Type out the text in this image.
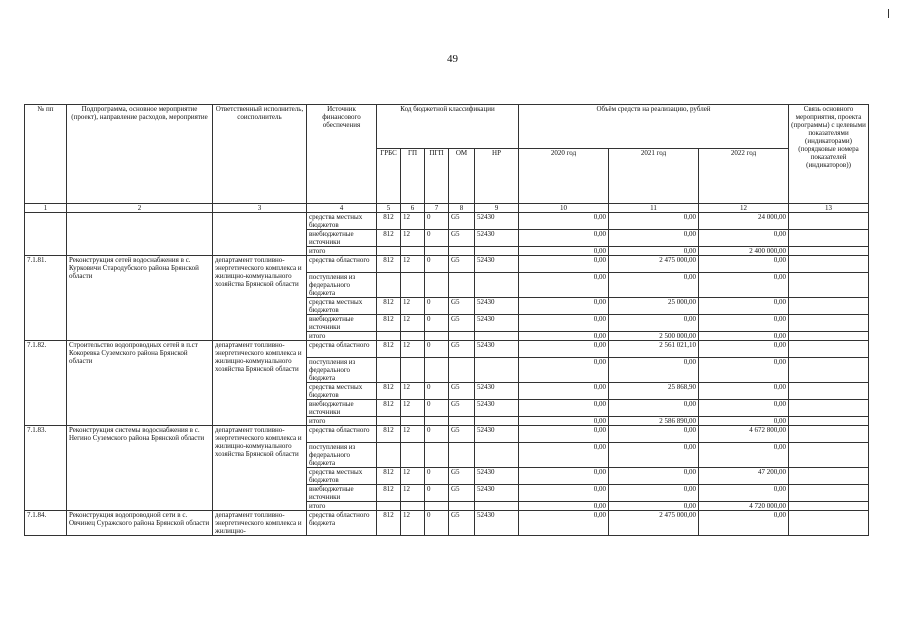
49
№ пп	Подпрограмма, основное мероприятие (проект), направление расходов, мероприятие	Ответственный исполнитель, соисполнитель	Источник финансового обеспечения	Код бюджетной классификации					Объём средств на реализацию, рублей			Связь основного мероприятия, проекта (программы) с целевыми показателями (индикаторами) (порядковые номера показателей (индикаторов))
				ГРБС	ГП	ПГП	ОМ	НР	2020 год	2021 год	2022 год	
1	2	3	4	5	6	7	8	9	10	11	12	13
			средства местных бюджетов	812	12	0	G5	52430	0,00	0,00	24 000,00	
			внебюджетные источники	812	12	0	G5	52430	0,00	0,00	0,00	
			итого						0,00	0,00	2 400 000,00	
7.1.81.	Реконструкция сетей водоснабжения в с. Курковичи Стародубского района Брянской области	департамент топливно-энергетического комплекса и жилищно-коммунального хозяйства Брянской области	средства областного	812	12	0	G5	52430	0,00	2 475 000,00	0,00	
			поступления из федерального бюджета						0,00	0,00	0,00	
			средства местных бюджетов	812	12	0	G5	52430	0,00	25 000,00	0,00	
			внебюджетные источники	812	12	0	G5	52430	0,00	0,00	0,00	
			итого						0,00	2 500 000,00	0,00	
7.1.82.	Строительство водопроводных сетей в п.ст Кокоревка Суземского района Брянской области	департамент топливно-энергетического комплекса и жилищно-коммунального хозяйства Брянской области	средства областного	812	12	0	G5	52430	0,00	2 561 021,10	0,00	
			поступления из федерального бюджета						0,00	0,00	0,00	
			средства местных бюджетов	812	12	0	G5	52430	0,00	25 868,90	0,00	
			внебюджетные источники	812	12	0	G5	52430	0,00	0,00	0,00	
			итого						0,00	2 586 890,00	0,00	
7.1.83.	Реконструкция системы водоснабжения в с. Негино Суземского района Брянской области	департамент топливно-энергетического комплекса и жилищно-коммунального хозяйства Брянской области	средства областного	812	12	0	G5	52430	0,00	0,00	4 672 800,00	
			поступления из федерального бюджета						0,00	0,00	0,00	
			средства местных бюджетов	812	12	0	G5	52430	0,00	0,00	47 200,00	
			внебюджетные источники	812	12	0	G5	52430	0,00	0,00	0,00	
			итого						0,00	0,00	4 720 000,00	
7.1.84.	Реконструкция водопроводной сети в с. Овчинец Суражского района Брянской области	департамент топливно-энергетического комплекса и жилищно-	средства областного бюджета	812	12	0	G5	52430	0,00	2 475 000,00	0,00	
